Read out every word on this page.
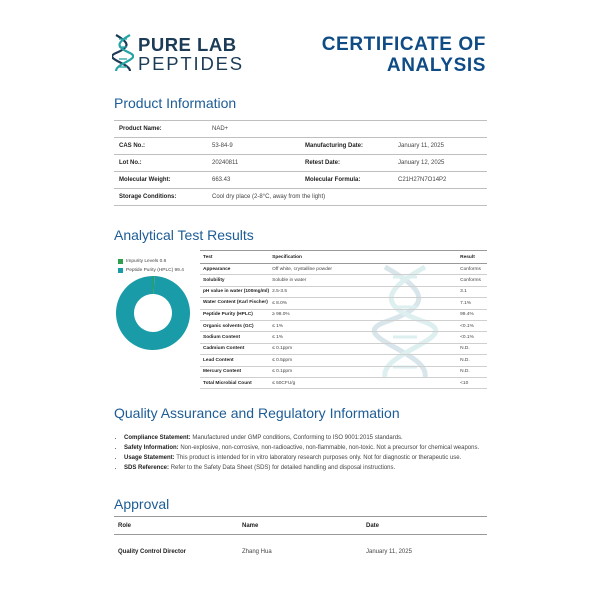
PURE LAB
PEPTIDES
CERTIFICATE OF
ANALYSIS
Product Information
Product Name:	NAD+		
CAS No.:	53-84-9	Manufacturing Date:	January 11, 2025
Lot No.:	20240811	Retest Date:	January 12, 2025
Molecular Weight:	663.43	Molecular Formula:	C21H27N7O14P2
Storage Conditions:	Cool dry place (2-8°C, away from the light)		
Analytical Test Results
Impurity Levels 0.6
Peptide Purity (HPLC) 99.4
Test	Specification	Result
Appearance	Off white, crystalline powder	Conforms
Solubility	Soluble in water	Conforms
pH value in water (100mg/ml)	2.5-3.5	3.1
Water Content (Karl Fischer)	≤ 8.0%	7.1%
Peptide Purity (HPLC)	≥ 98.0%	99.4%
Organic solvents (GC)	≤ 1%	<0.1%
Sodium Content	≤ 1%	<0.1%
Cadmium Content	≤ 0.1ppm	N.D.
Lead Content	≤ 0.5ppm	N.D.
Mercury Content	≤ 0.1ppm	N.D.
Total Microbial Count	≤ 50CFU/g	<10
Quality Assurance and Regulatory Information
• Compliance Statement: Manufactured under GMP conditions, Conforming to ISO 9001:2015 standards.
• Safety Information: Non-explosive, non-corrosive, non-radioactive, non-flammable, non-toxic. Not a precursor for chemical weapons.
• Usage Statement: This product is intended for in vitro laboratory research purposes only. Not for diagnostic or therapeutic use.
• SDS Reference: Refer to the Safety Data Sheet (SDS) for detailed handling and disposal instructions.
Approval
Role	Name	Date
Quality Control Director	Zhang Hua	January 11, 2025
